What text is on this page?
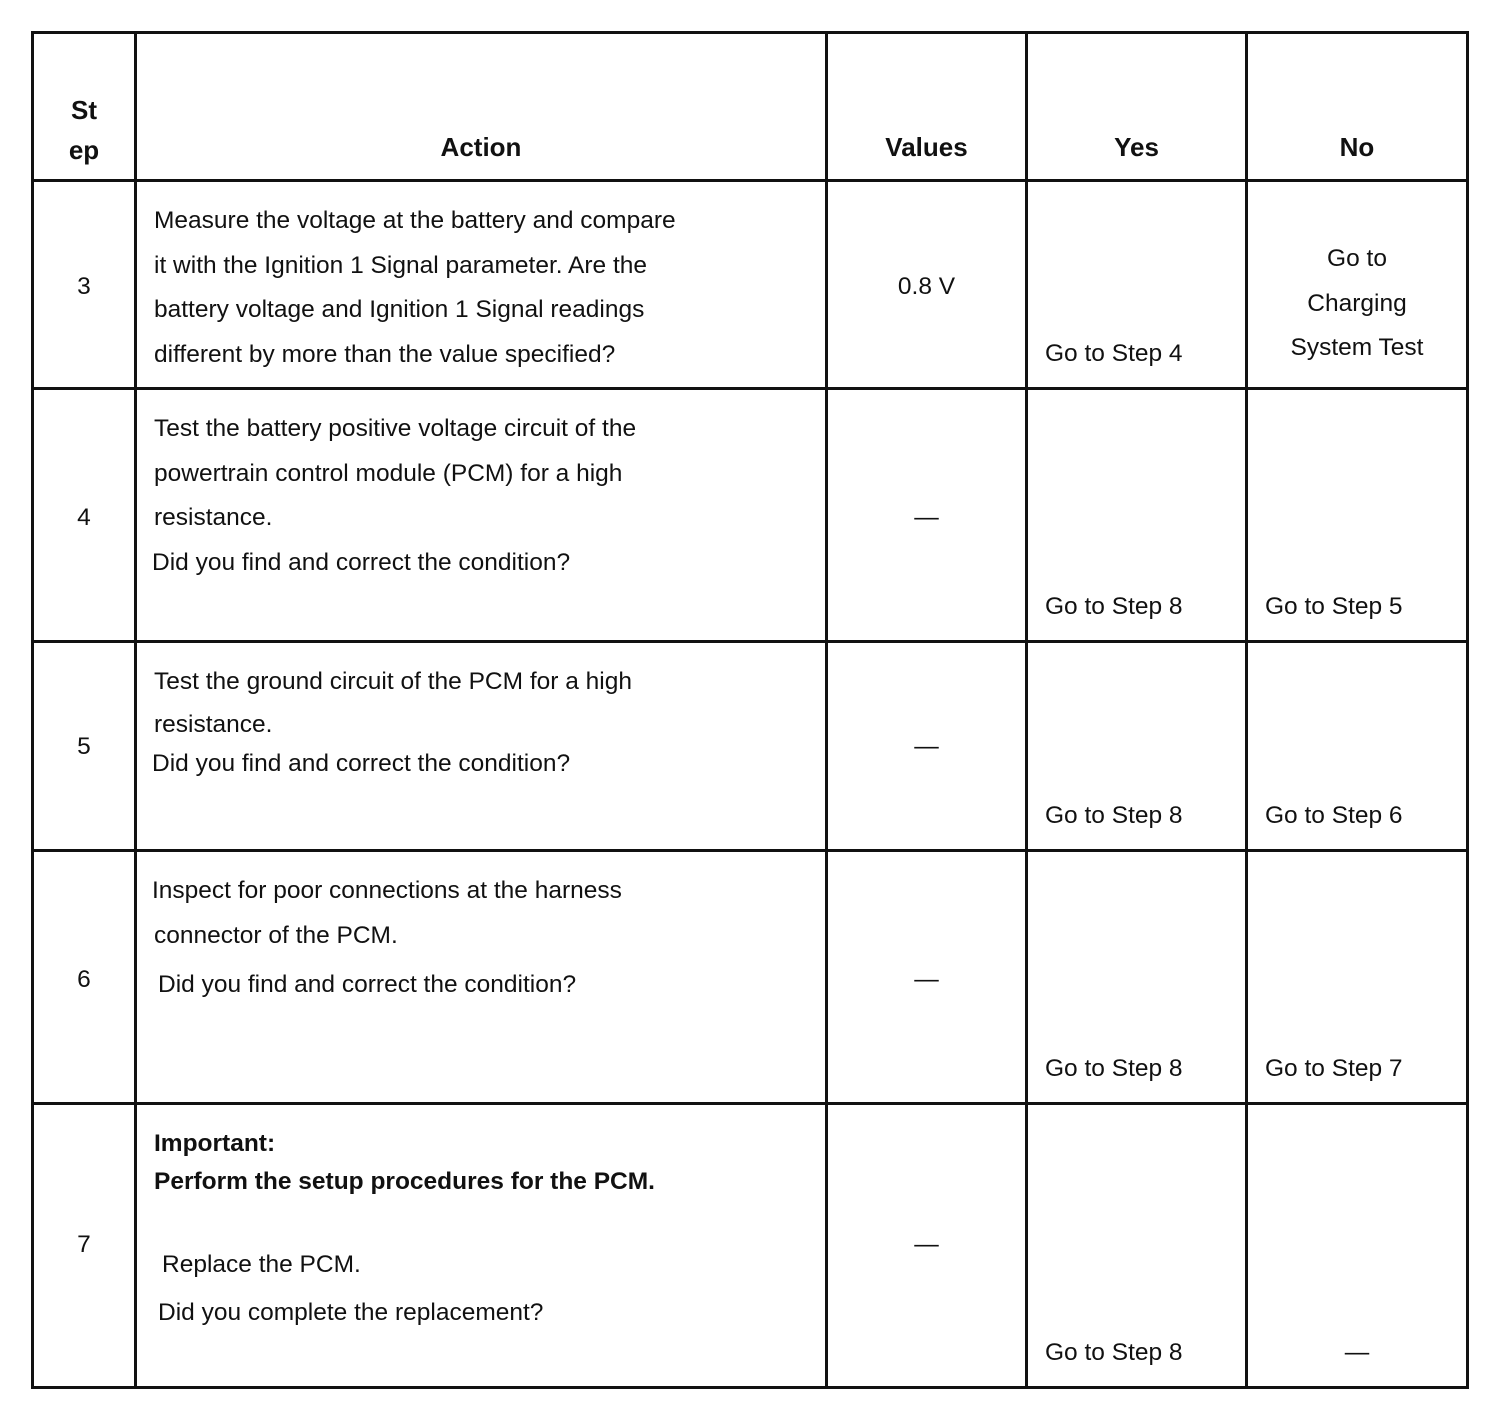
St
ep	Action	Values	Yes	No

3	Measure the voltage at the battery and compare
it with the Ignition 1 Signal parameter. Are the
battery voltage and Ignition 1 Signal readings
different by more than the value specified?	0.8 V	Go to Step 4	Go to
Charging
System Test

4	Test the battery positive voltage circuit of the
powertrain control module (PCM) for a high
resistance.
Did you find and correct the condition?	—	Go to Step 8	Go to Step 5

5	Test the ground circuit of the PCM for a high
resistance.
Did you find and correct the condition?	—	Go to Step 8	Go to Step 6

6	Inspect for poor connections at the harness
connector of the PCM.
Did you find and correct the condition?	—	Go to Step 8	Go to Step 7

7	Important:
Perform the setup procedures for the PCM.
Replace the PCM.
Did you complete the replacement?	—	Go to Step 8	—
